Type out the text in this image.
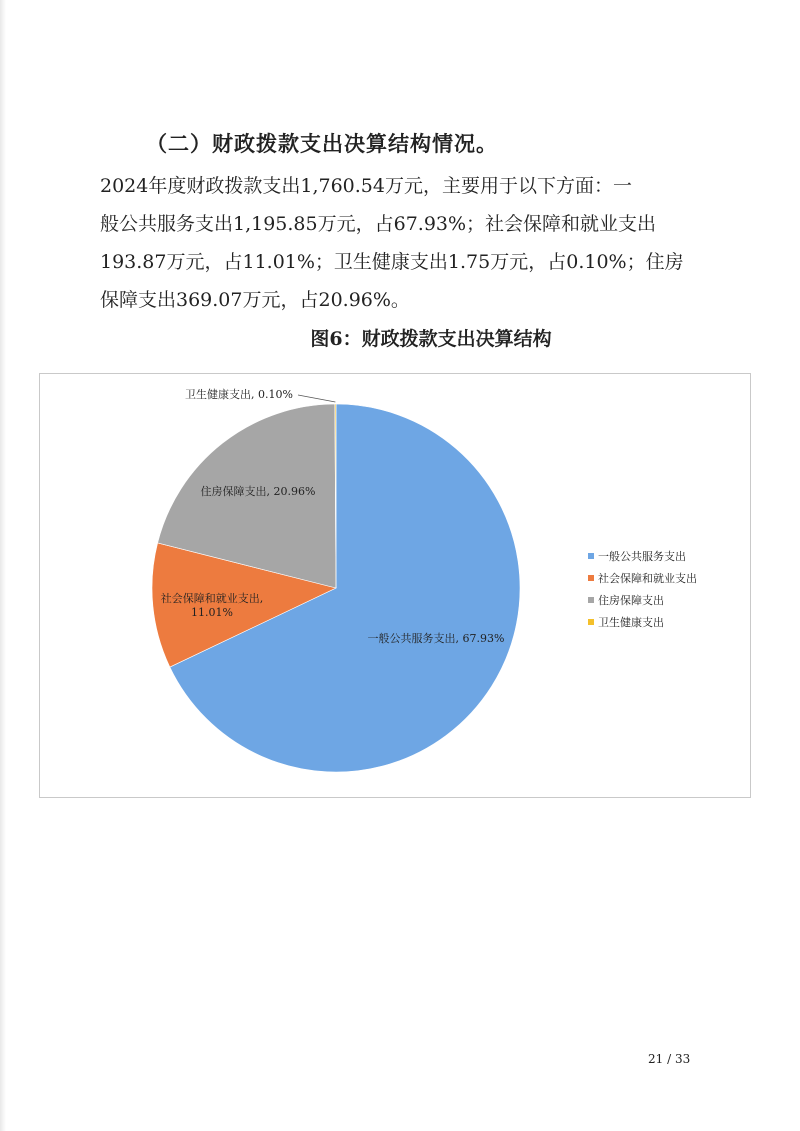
（二）财政拨款支出决算结构情况。
2024年度财政拨款支出1,760.54万元，主要用于以下方面：一
般公共服务支出1,195.85万元，占67.93%；社会保障和就业支出
193.87万元，占11.01%；卫生健康支出1.75万元，占0.10%；住房
保障支出369.07万元，占20.96%。
图6：财政拨款支出决算结构
一般公共服务支出, 67.93%
社会保障和就业支出, 11.01%
住房保障支出, 20.96%
卫生健康支出, 0.10%
一般公共服务支出
社会保障和就业支出
住房保障支出
卫生健康支出
21 / 33
